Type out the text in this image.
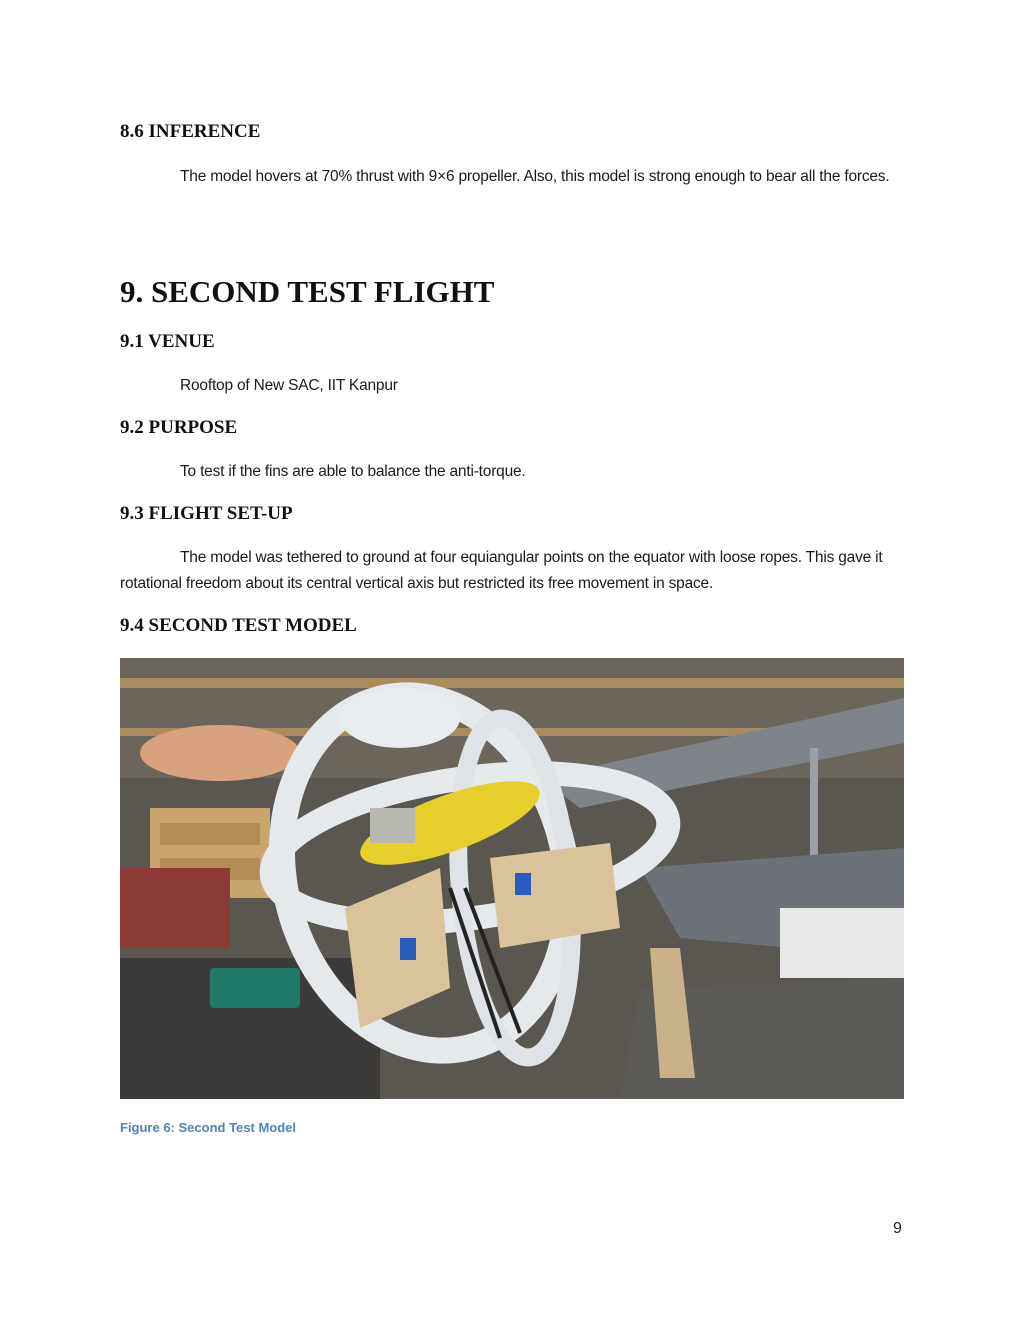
8.6 INFERENCE

The model hovers at 70% thrust with 9×6 propeller. Also, this model is strong enough to bear all the forces.

9. SECOND TEST FLIGHT
9.1 VENUE

Rooftop of New SAC, IIT Kanpur

9.2 PURPOSE

To test if the fins are able to balance the anti-torque.

9.3 FLIGHT SET-UP

The model was tethered to ground at four equiangular points on the equator with loose ropes. This gave it rotational freedom about its central vertical axis but restricted its free movement in space.

9.4 SECOND TEST MODEL

Figure 6: Second Test Model

9
